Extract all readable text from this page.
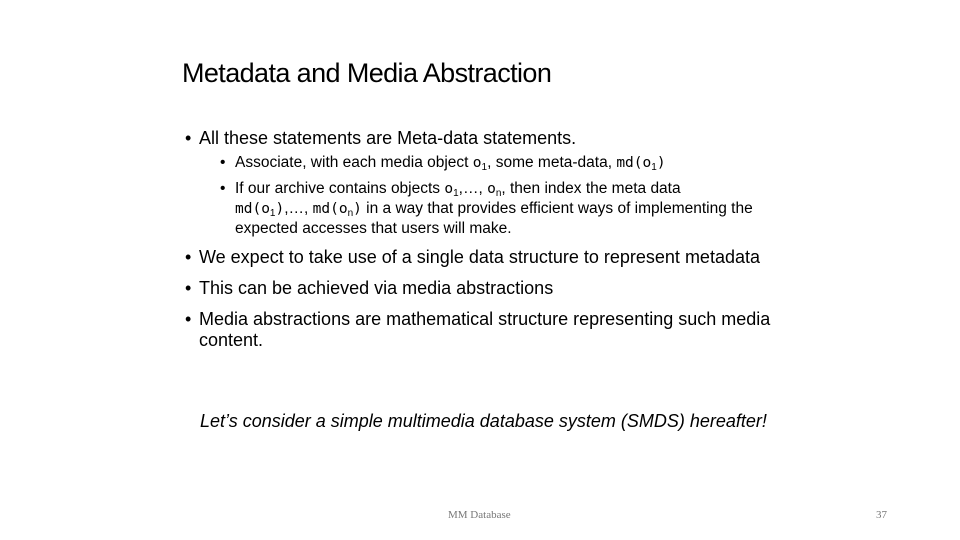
Metadata and Media Abstraction
• All these statements are Meta-data statements.
• Associate, with each media object $o_1$, some meta-data, $md(o_1)$
• If our archive contains objects $o_1,\dots$, $o_n$, then index the meta data
$md(o_1),\dots$, $md(o_n)$ in a way that provides efficient ways of implementing the expected accesses that users will make.
• We expect to take use of a single data structure to represent metadata
• This can be achieved via media abstractions
• Media abstractions are mathematical structure representing such media content.
Let’s consider a simple multimedia database system (SMDS) hereafter!
MM Database	37
